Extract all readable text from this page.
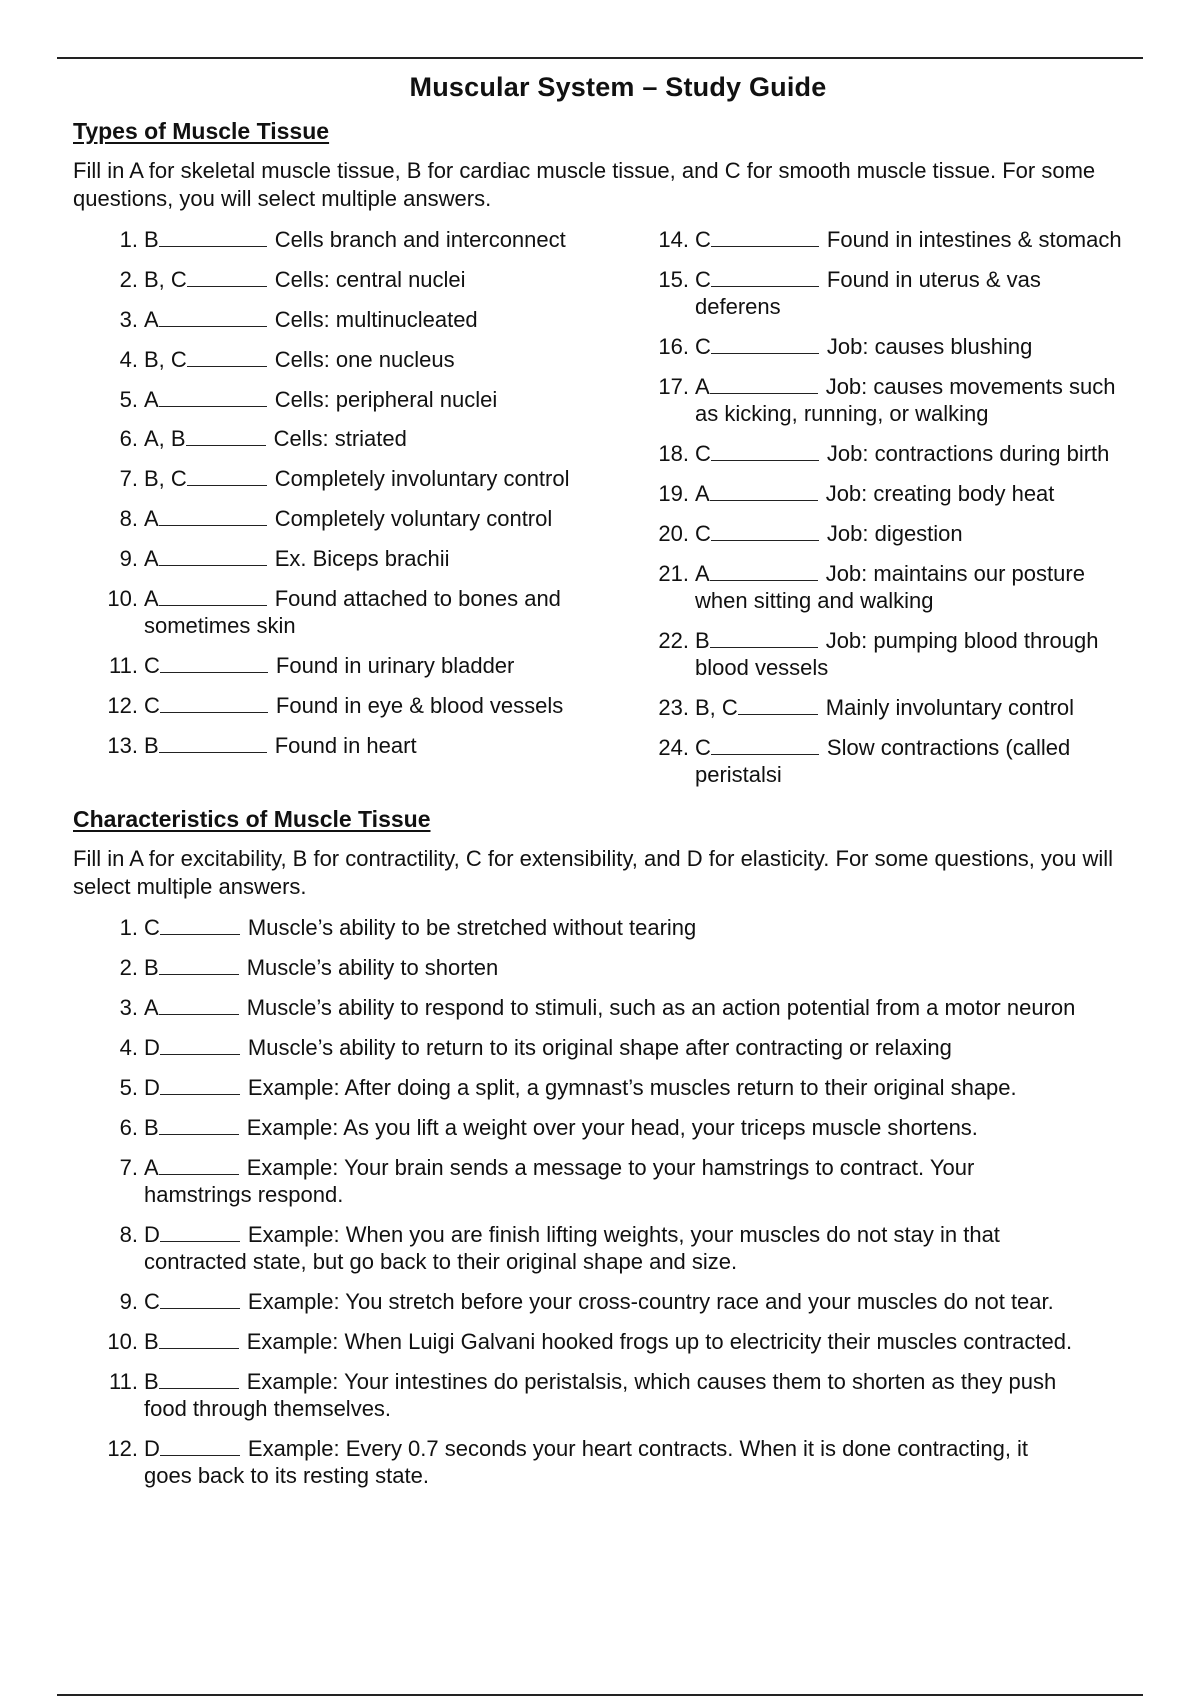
Muscular System – Study Guide
Types of Muscle Tissue
Fill in A for skeletal muscle tissue, B for cardiac muscle tissue, and C for smooth muscle tissue. For some questions, you will select multiple answers.
1. B	Cells branch and interconnect
2. B, C	Cells: central nuclei
3. A	Cells: multinucleated
4. B, C	Cells: one nucleus
5. A	Cells: peripheral nuclei
6. A, B	Cells: striated
7. B, C	Completely involuntary control
8. A	Completely voluntary control
9. A	Ex. Biceps brachii
10. A	Found attached to bones and
sometimes skin
11. C	Found in urinary bladder
12. C	Found in eye & blood vessels
13. B	Found in heart
14. C	Found in intestines & stomach
15. C	Found in uterus & vas
deferens
16. C	Job: causes blushing
17. A	Job: causes movements such
as kicking, running, or walking
18. C	Job: contractions during birth
19. A	Job: creating body heat
20. C	Job: digestion
21. A	Job: maintains our posture
when sitting and walking
22. B	Job: pumping blood through
blood vessels
23. B, C	Mainly involuntary control
24. C	Slow contractions (called
peristalsi
Characteristics of Muscle Tissue
Fill in A for excitability, B for contractility, C for extensibility, and D for elasticity. For some questions, you will select multiple answers.
1. C	Muscle’s ability to be stretched without tearing
2. B	Muscle’s ability to shorten
3. A	Muscle’s ability to respond to stimuli, such as an action potential from a motor neuron
4. D	Muscle’s ability to return to its original shape after contracting or relaxing
5. D	Example: After doing a split, a gymnast’s muscles return to their original shape.
6. B	Example: As you lift a weight over your head, your triceps muscle shortens.
7. A	Example: Your brain sends a message to your hamstrings to contract. Your
hamstrings respond.
8. D	Example: When you are finish lifting weights, your muscles do not stay in that
contracted state, but go back to their original shape and size.
9. C	Example: You stretch before your cross-country race and your muscles do not tear.
10. B	Example: When Luigi Galvani hooked frogs up to electricity their muscles contracted.
11. B	Example: Your intestines do peristalsis, which causes them to shorten as they push
food through themselves.
12. D	Example: Every 0.7 seconds your heart contracts. When it is done contracting, it
goes back to its resting state.
